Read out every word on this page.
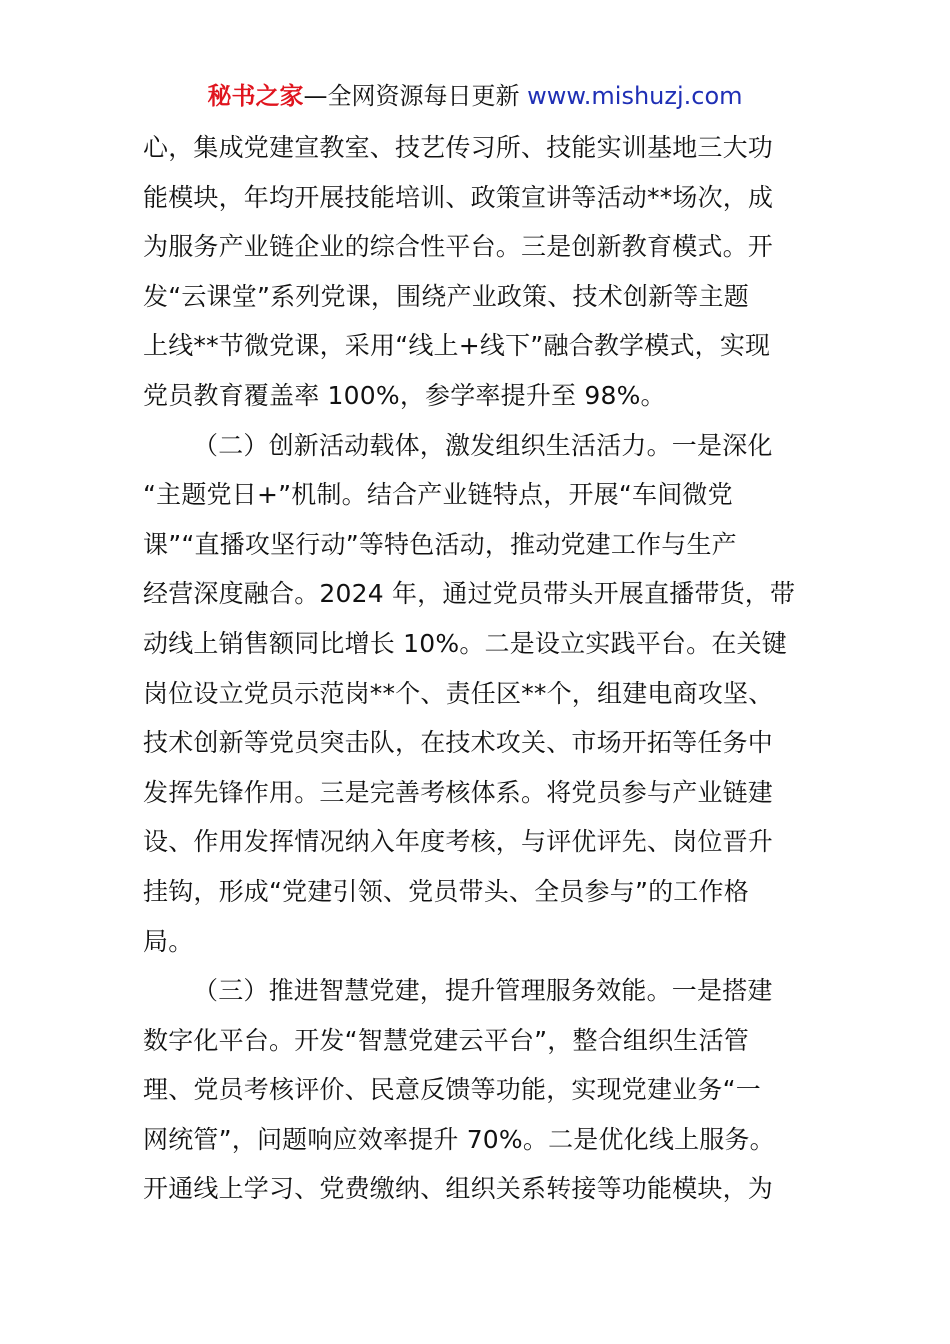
秘书之家—全网资源每日更新 www.mishuzj.com
心，集成党建宣教室、技艺传习所、技能实训基地三大功
能模块，年均开展技能培训、政策宣讲等活动**场次，成
为服务产业链企业的综合性平台。三是创新教育模式。开
发“云课堂”系列党课，围绕产业政策、技术创新等主题
上线**节微党课，采用“线上+线下”融合教学模式，实现
党员教育覆盖率 100%，参学率提升至 98%。
（二）创新活动载体，激发组织生活活力。一是深化
“主题党日+”机制。结合产业链特点，开展“车间微党
课”“直播攻坚行动”等特色活动，推动党建工作与生产
经营深度融合。2024 年，通过党员带头开展直播带货，带
动线上销售额同比增长 10%。二是设立实践平台。在关键
岗位设立党员示范岗**个、责任区**个，组建电商攻坚、
技术创新等党员突击队，在技术攻关、市场开拓等任务中
发挥先锋作用。三是完善考核体系。将党员参与产业链建
设、作用发挥情况纳入年度考核，与评优评先、岗位晋升
挂钩，形成“党建引领、党员带头、全员参与”的工作格
局。
（三）推进智慧党建，提升管理服务效能。一是搭建
数字化平台。开发“智慧党建云平台”，整合组织生活管
理、党员考核评价、民意反馈等功能，实现党建业务“一
网统管”，问题响应效率提升 70%。二是优化线上服务。
开通线上学习、党费缴纳、组织关系转接等功能模块，为
